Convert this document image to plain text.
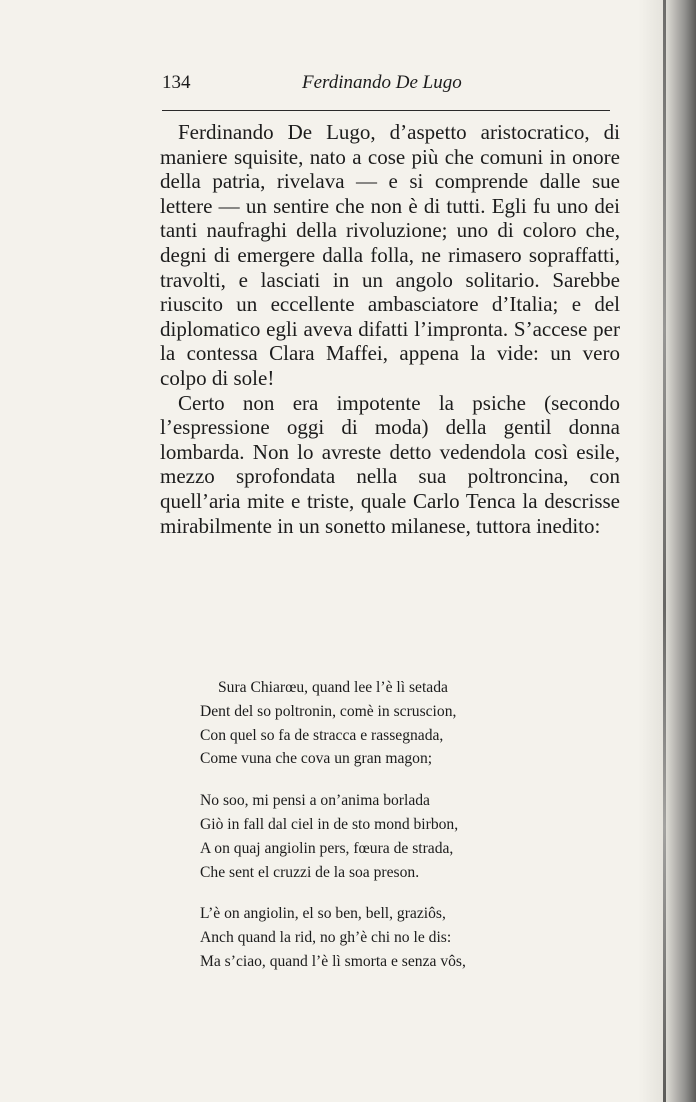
134	Ferdinando De Lugo

Ferdinando De Lugo, d’aspetto aristocratico, di maniere squisite, nato a cose più che comuni in onore della patria, rivelava — e si comprende dalle sue lettere — un sentire che non è di tutti. Egli fu uno dei tanti naufraghi della rivoluzione; uno di coloro che, degni di emergere dalla folla, ne rimasero sopraffatti, travolti, e lasciati in un angolo solitario. Sarebbe riuscito un eccellente ambasciatore d’Italia; e del diplomatico egli aveva difatti l’impronta. S’accese per la contessa Clara Maffei, appena la vide: un vero colpo di sole!

Certo non era impotente la psiche (secondo l’espressione oggi di moda) della gentil donna lombarda. Non lo avreste detto vedendola così esile, mezzo sprofondata nella sua poltroncina, con quell’aria mite e triste, quale Carlo Tenca la descrisse mirabilmente in un sonetto milanese, tuttora inedito:

Sura Chiarœu, quand lee l’è lì setada
Dent del so poltronin, comè in scruscion,
Con quel so fa de stracca e rassegnada,
Come vuna che cova un gran magon;
No soo, mi pensi a on’anima borlada
Giò in fall dal ciel in de sto mond birbon,
A on quaj angiolin pers, fœura de strada,
Che sent el cruzzi de la soa preson.
L’è on angiolin, el so ben, bell, graziôs,
Anch quand la rid, no gh’è chi no le dis:
Ma s’ciao, quand l’è lì smorta e senza vôs,
